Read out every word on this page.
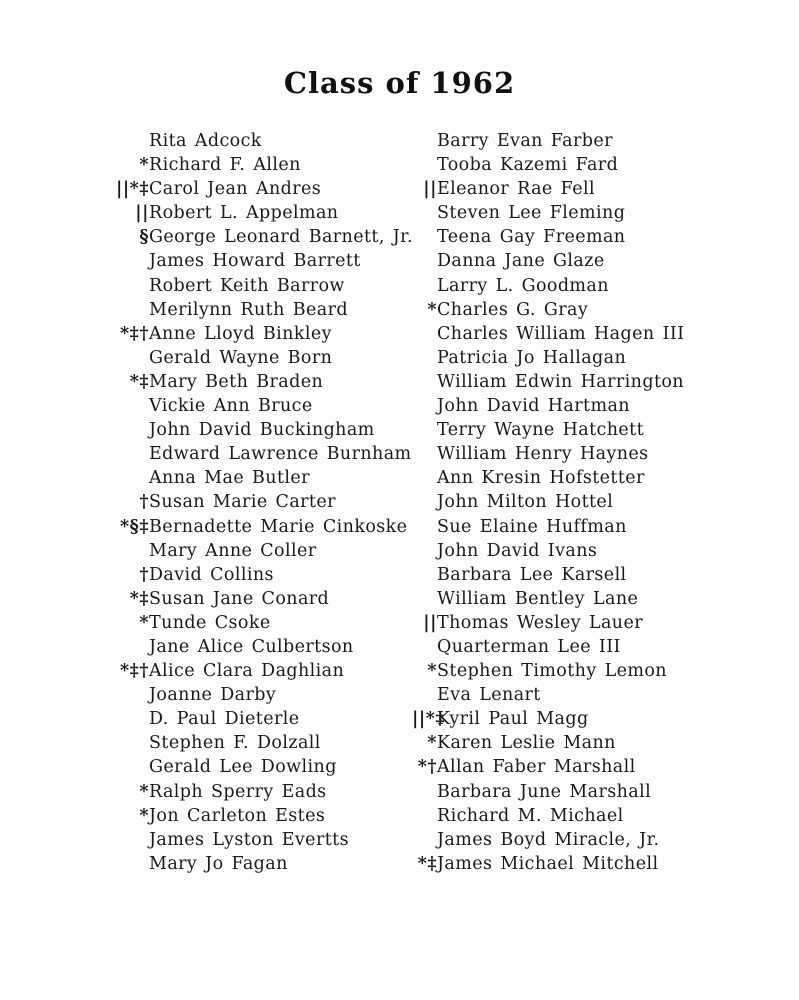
Class of 1962
Rita Adcock
* Richard F. Allen
||*‡ Carol Jean Andres
|| Robert L. Appelman
§ George Leonard Barnett, Jr.
James Howard Barrett
Robert Keith Barrow
Merilynn Ruth Beard
*‡† Anne Lloyd Binkley
Gerald Wayne Born
*‡ Mary Beth Braden
Vickie Ann Bruce
John David Buckingham
Edward Lawrence Burnham
Anna Mae Butler
† Susan Marie Carter
*§‡ Bernadette Marie Cinkoske
Mary Anne Coller
† David Collins
*‡ Susan Jane Conard
* Tunde Csoke
Jane Alice Culbertson
*‡† Alice Clara Daghlian
Joanne Darby
D. Paul Dieterle
Stephen F. Dolzall
Gerald Lee Dowling
* Ralph Sperry Eads
* Jon Carleton Estes
James Lyston Evertts
Mary Jo Fagan
Barry Evan Farber
Tooba Kazemi Fard
|| Eleanor Rae Fell
Steven Lee Fleming
Teena Gay Freeman
Danna Jane Glaze
Larry L. Goodman
* Charles G. Gray
Charles William Hagen III
Patricia Jo Hallagan
William Edwin Harrington
John David Hartman
Terry Wayne Hatchett
William Henry Haynes
Ann Kresin Hofstetter
John Milton Hottel
Sue Elaine Huffman
John David Ivans
Barbara Lee Karsell
William Bentley Lane
|| Thomas Wesley Lauer
Quarterman Lee III
* Stephen Timothy Lemon
Eva Lenart
||*‡
Kyril Paul Magg
* Karen Leslie Mann
*† Allan Faber Marshall
Barbara June Marshall
Richard M. Michael
James Boyd Miracle, Jr.
*‡ James Michael Mitchell
